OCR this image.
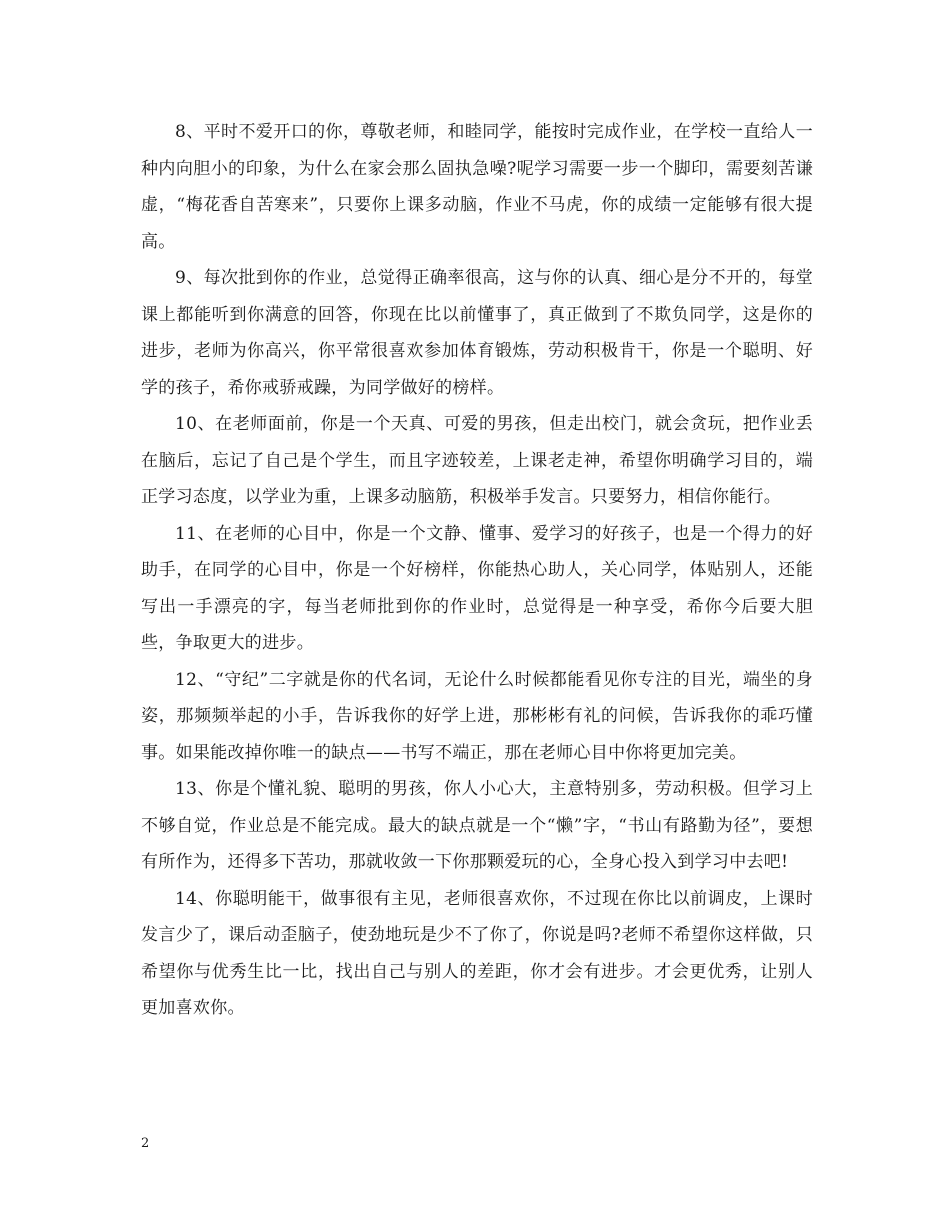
8、平时不爱开口的你，尊敬老师，和睦同学，能按时完成作业，在学校一直给人一种内向胆小的印象，为什么在家会那么固执急噪?呢学习需要一步一个脚印，需要刻苦谦虚，“梅花香自苦寒来”，只要你上课多动脑，作业不马虎，你的成绩一定能够有很大提高。

9、每次批到你的作业，总觉得正确率很高，这与你的认真、细心是分不开的，每堂课上都能听到你满意的回答，你现在比以前懂事了，真正做到了不欺负同学，这是你的进步，老师为你高兴，你平常很喜欢参加体育锻炼，劳动积极肯干，你是一个聪明、好学的孩子，希你戒骄戒躁，为同学做好的榜样。

10、在老师面前，你是一个天真、可爱的男孩，但走出校门，就会贪玩，把作业丢在脑后，忘记了自己是个学生，而且字迹较差，上课老走神，希望你明确学习目的，端正学习态度，以学业为重，上课多动脑筋，积极举手发言。只要努力，相信你能行。

11、在老师的心目中，你是一个文静、懂事、爱学习的好孩子，也是一个得力的好助手，在同学的心目中，你是一个好榜样，你能热心助人，关心同学，体贴别人，还能写出一手漂亮的字，每当老师批到你的作业时，总觉得是一种享受，希你今后要大胆些，争取更大的进步。

12、“守纪”二字就是你的代名词，无论什么时候都能看见你专注的目光，端坐的身姿，那频频举起的小手，告诉我你的好学上进，那彬彬有礼的问候，告诉我你的乖巧懂事。如果能改掉你唯一的缺点——书写不端正，那在老师心目中你将更加完美。

13、你是个懂礼貌、聪明的男孩，你人小心大，主意特别多，劳动积极。但学习上不够自觉，作业总是不能完成。最大的缺点就是一个“懒”字，“书山有路勤为径”，要想有所作为，还得多下苦功，那就收敛一下你那颗爱玩的心，全身心投入到学习中去吧!

14、你聪明能干，做事很有主见，老师很喜欢你，不过现在你比以前调皮，上课时发言少了，课后动歪脑子，使劲地玩是少不了你了，你说是吗?老师不希望你这样做，只希望你与优秀生比一比，找出自己与别人的差距，你才会有进步。才会更优秀，让别人更加喜欢你。

2
